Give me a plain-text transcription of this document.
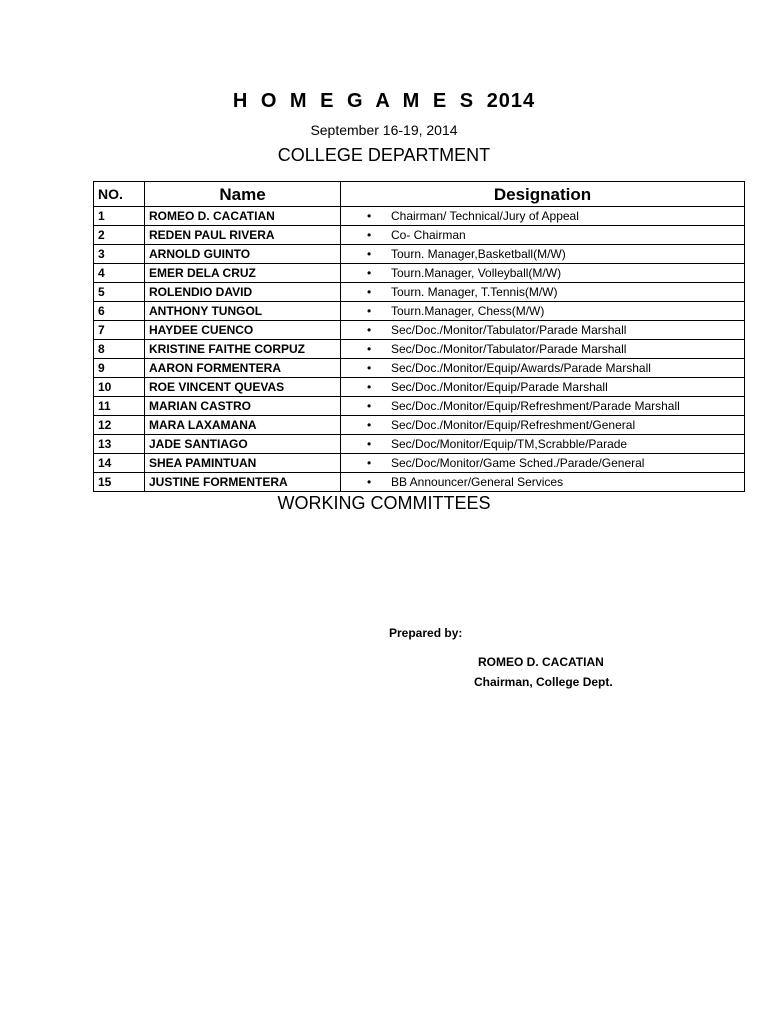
H O M E G A M E S 2014
September 16-19, 2014
COLLEGE DEPARTMENT
NO.	Name	Designation
1	ROMEO D. CACATIAN	• Chairman/ Technical/Jury of Appeal
2	REDEN PAUL RIVERA	• Co- Chairman
3	ARNOLD GUINTO	• Tourn. Manager,Basketball(M/W)
4	EMER DELA CRUZ	• Tourn.Manager, Volleyball(M/W)
5	ROLENDIO DAVID	• Tourn. Manager, T.Tennis(M/W)
6	ANTHONY TUNGOL	• Tourn.Manager, Chess(M/W)
7	HAYDEE CUENCO	• Sec/Doc./Monitor/Tabulator/Parade Marshall
8	KRISTINE FAITHE CORPUZ	• Sec/Doc./Monitor/Tabulator/Parade Marshall
9	AARON FORMENTERA	• Sec/Doc./Monitor/Equip/Awards/Parade Marshall
10	ROE VINCENT QUEVAS	• Sec/Doc./Monitor/Equip/Parade Marshall
11	MARIAN CASTRO	• Sec/Doc./Monitor/Equip/Refreshment/Parade Marshall
12	MARA LAXAMANA	• Sec/Doc./Monitor/Equip/Refreshment/General
13	JADE SANTIAGO	• Sec/Doc/Monitor/Equip/TM,Scrabble/Parade
14	SHEA PAMINTUAN	• Sec/Doc/Monitor/Game Sched./Parade/General
15	JUSTINE FORMENTERA	• BB Announcer/General Services
WORKING COMMITTEES
Prepared by:
ROMEO D. CACATIAN
Chairman, College Dept.
